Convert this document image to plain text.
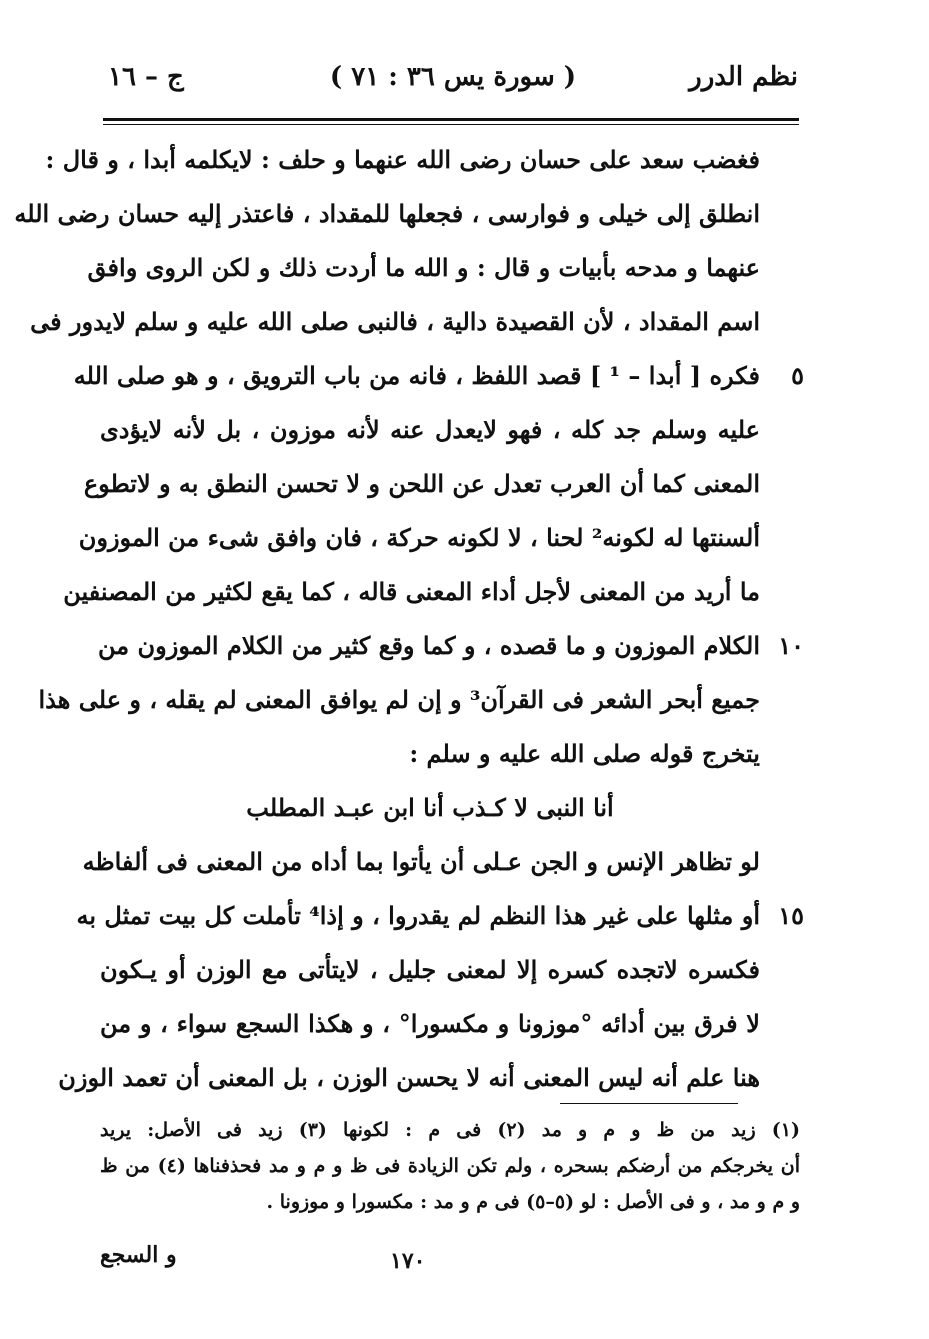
نظم الدرر
( سورة يس ٣٦ : ٧١ )
ج – ١٦
فغضب سعد على حسان رضى الله عنهما و حلف : لايكلمه أبدا ، و قال :
انطلق إلى خيلى و فوارسى ، فجعلها للمقداد ، فاعتذر إليه حسان رضى الله
عنهما و مدحه بأبيات و قال : و الله ما أردت ذلك و لكن الروى وافق
اسم المقداد ، لأن القصيدة دالية ، فالنبى صلى الله عليه و سلم لايدور فى
٥
فكره [ أبدا – ¹ ] قصد اللفظ ، فانه من باب الترويق ، و هو صلى الله
عليه وسلم جد كله ، فهو لايعدل عنه لأنه موزون ، بل لأنه لايؤدى
المعنى كما أن العرب تعدل عن اللحن و لا تحسن النطق به و لاتطوع
ألسنتها له لكونه² لحنا ، لا لكونه حركة ، فان وافق شىء من الموزون
ما أريد من المعنى لأجل أداء المعنى قاله ، كما يقع لكثير من المصنفين
١٠
الكلام الموزون و ما قصده ، و كما وقع كثير من الكلام الموزون من
جميع أبحر الشعر فى القرآن³ و إن لم يوافق المعنى لم يقله ، و على هذا
يتخرج قوله صلى الله عليه و سلم :
أنا النبى لا كـذب أنا ابن عبـد المطلب
لو تظاهر الإنس و الجن عـلى أن يأتوا بما أداه من المعنى فى ألفاظه
١٥
أو مثلها على غير هذا النظم لم يقدروا ، و إذا⁴ تأملت كل بيت تمثل به
فكسره لاتجده كسره إلا لمعنى جليل ، لايتأتى مع الوزن أو يـكون
لا فرق بين أدائه °موزونا و مكسورا° ، و هكذا السجع سواء ، و من
هنا علم أنه ليس المعنى أنه لا يحسن الوزن ، بل المعنى أن تعمد الوزن
(١) زيد من ظ و م و مد (٢) فى م : لكونها (٣) زيد فى الأصل: يريد
أن يخرجكم من أرضكم بسحره ، ولم تكن الزيادة فى ظ و م و مد فحذفناها (٤) من ظ
و م و مد ، و فى الأصل : لو (٥–٥) فى م و مد : مكسورا و موزونا .
١٧٠
و السجع
